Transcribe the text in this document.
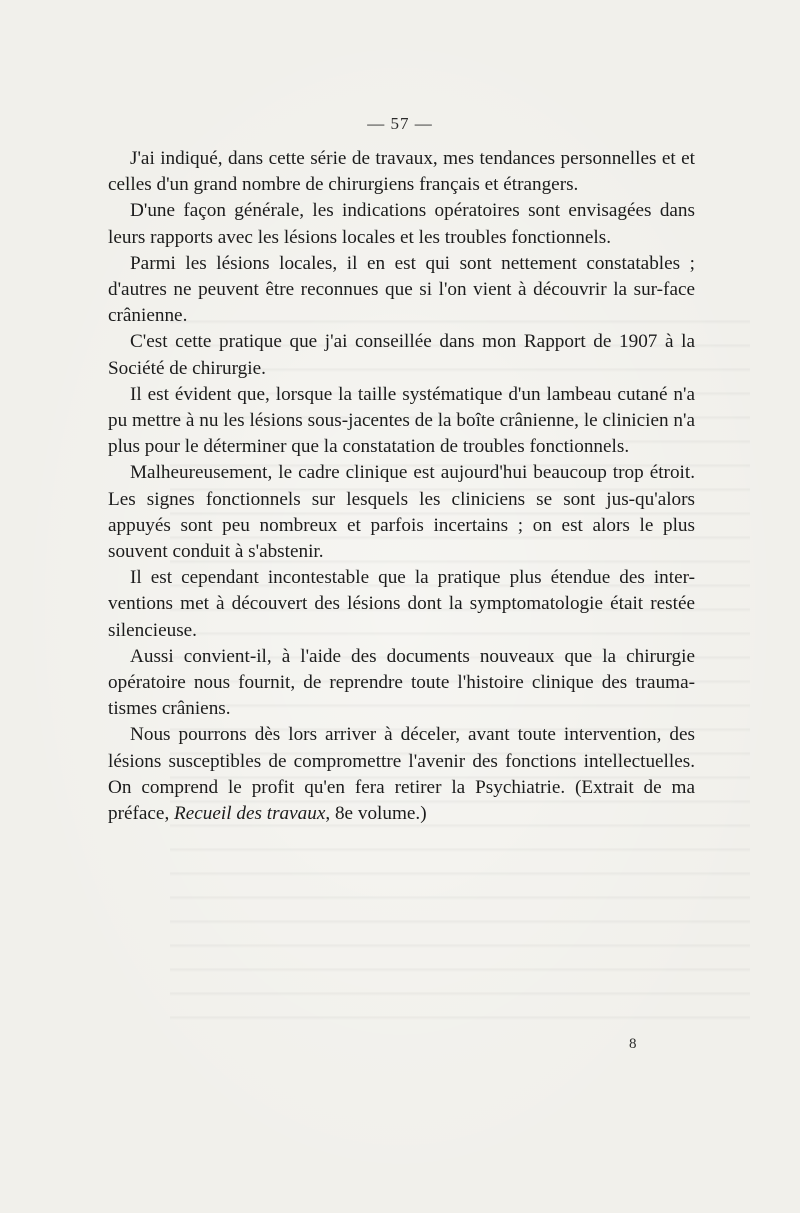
— 57 —

J'ai indiqué, dans cette série de travaux, mes tendances personnelles et et celles d'un grand nombre de chirurgiens français et étrangers.

D'une façon générale, les indications opératoires sont envisagées dans leurs rapports avec les lésions locales et les troubles fonctionnels.

Parmi les lésions locales, il en est qui sont nettement constatables ; d'autres ne peuvent être reconnues que si l'on vient à découvrir la sur-face crânienne.

C'est cette pratique que j'ai conseillée dans mon Rapport de 1907 à la Société de chirurgie.

Il est évident que, lorsque la taille systématique d'un lambeau cutané n'a pu mettre à nu les lésions sous-jacentes de la boîte crânienne, le clinicien n'a plus pour le déterminer que la constatation de troubles fonctionnels.

Malheureusement, le cadre clinique est aujourd'hui beaucoup trop étroit. Les signes fonctionnels sur lesquels les cliniciens se sont jus-qu'alors appuyés sont peu nombreux et parfois incertains ; on est alors le plus souvent conduit à s'abstenir.

Il est cependant incontestable que la pratique plus étendue des inter-ventions met à découvert des lésions dont la symptomatologie était restée silencieuse.

Aussi convient-il, à l'aide des documents nouveaux que la chirurgie opératoire nous fournit, de reprendre toute l'histoire clinique des trauma-tismes crâniens.

Nous pourrons dès lors arriver à déceler, avant toute intervention, des lésions susceptibles de compromettre l'avenir des fonctions intellectuelles. On comprend le profit qu'en fera retirer la Psychiatrie. (Extrait de ma préface, Recueil des travaux, 8e volume.)

8
